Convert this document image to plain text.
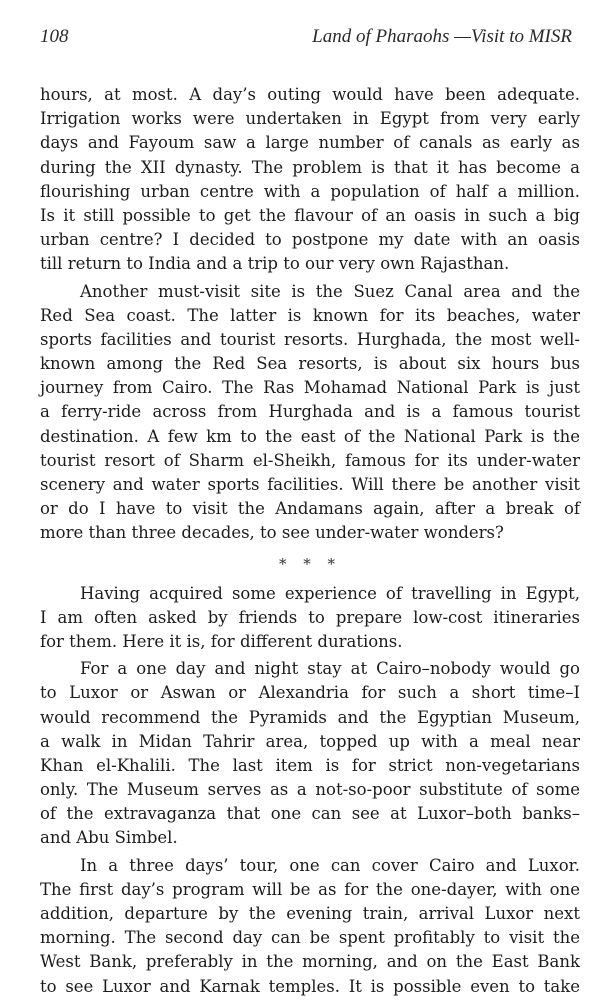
108	Land of Pharaohs —Visit to MISR
hours, at most. A day’s outing would have been adequate.
Irrigation works were undertaken in Egypt from very early
days and Fayoum saw a large number of canals as early as
during the XII dynasty. The problem is that it has become a
flourishing urban centre with a population of half a million.
Is it still possible to get the flavour of an oasis in such a big
urban centre? I decided to postpone my date with an oasis
till return to India and a trip to our very own Rajasthan.
Another must-visit site is the Suez Canal area and the
Red Sea coast. The latter is known for its beaches, water
sports facilities and tourist resorts. Hurghada, the most well-
known among the Red Sea resorts, is about six hours bus
journey from Cairo. The Ras Mohamad National Park is just
a ferry-ride across from Hurghada and is a famous tourist
destination. A few km to the east of the National Park is the
tourist resort of Sharm el-Sheikh, famous for its under-water
scenery and water sports facilities. Will there be another visit
or do I have to visit the Andamans again, after a break of
more than three decades, to see under-water wonders?
* * *
Having acquired some experience of travelling in Egypt,
I am often asked by friends to prepare low-cost itineraries
for them. Here it is, for different durations.
For a one day and night stay at Cairo–nobody would go
to Luxor or Aswan or Alexandria for such a short time–I
would recommend the Pyramids and the Egyptian Museum,
a walk in Midan Tahrir area, topped up with a meal near
Khan el-Khalili. The last item is for strict non-vegetarians
only. The Museum serves as a not-so-poor substitute of some
of the extravaganza that one can see at Luxor–both banks–
and Abu Simbel.
In a three days’ tour, one can cover Cairo and Luxor.
The first day’s program will be as for the one-dayer, with one
addition, departure by the evening train, arrival Luxor next
morning. The second day can be spent profitably to visit the
West Bank, preferably in the morning, and on the East Bank
to see Luxor and Karnak temples. It is possible even to take
